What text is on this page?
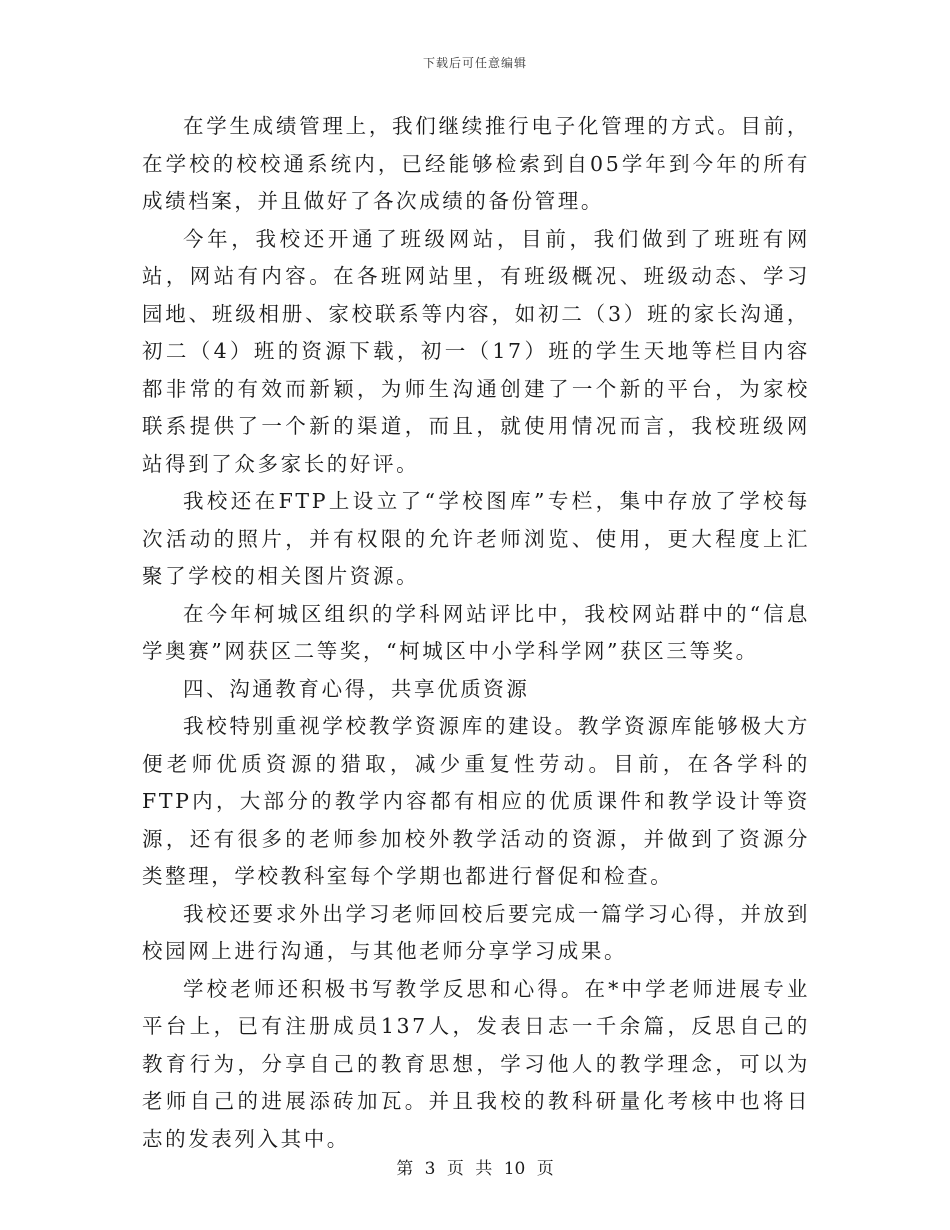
下载后可任意编辑

在学生成绩管理上，我们继续推行电子化管理的方式。目前，在学校的校校通系统内，已经能够检索到自05学年到今年的所有成绩档案，并且做好了各次成绩的备份管理。

今年，我校还开通了班级网站，目前，我们做到了班班有网站，网站有内容。在各班网站里，有班级概况、班级动态、学习园地、班级相册、家校联系等内容，如初二（3）班的家长沟通，初二（4）班的资源下载，初一（17）班的学生天地等栏目内容都非常的有效而新颖，为师生沟通创建了一个新的平台，为家校联系提供了一个新的渠道，而且，就使用情况而言，我校班级网站得到了众多家长的好评。

我校还在FTP上设立了“学校图库”专栏，集中存放了学校每次活动的照片，并有权限的允许老师浏览、使用，更大程度上汇聚了学校的相关图片资源。

在今年柯城区组织的学科网站评比中，我校网站群中的“信息学奥赛”网获区二等奖，“柯城区中小学科学网”获区三等奖。

四、沟通教育心得，共享优质资源

我校特别重视学校教学资源库的建设。教学资源库能够极大方便老师优质资源的猎取，减少重复性劳动。目前，在各学科的FTP内，大部分的教学内容都有相应的优质课件和教学设计等资源，还有很多的老师参加校外教学活动的资源，并做到了资源分类整理，学校教科室每个学期也都进行督促和检查。

我校还要求外出学习老师回校后要完成一篇学习心得，并放到校园网上进行沟通，与其他老师分享学习成果。

学校老师还积极书写教学反思和心得。在*中学老师进展专业平台上，已有注册成员137人，发表日志一千余篇，反思自己的教育行为，分享自己的教育思想，学习他人的教学理念，可以为老师自己的进展添砖加瓦。并且我校的教科研量化考核中也将日志的发表列入其中。

第 3 页 共 10 页
